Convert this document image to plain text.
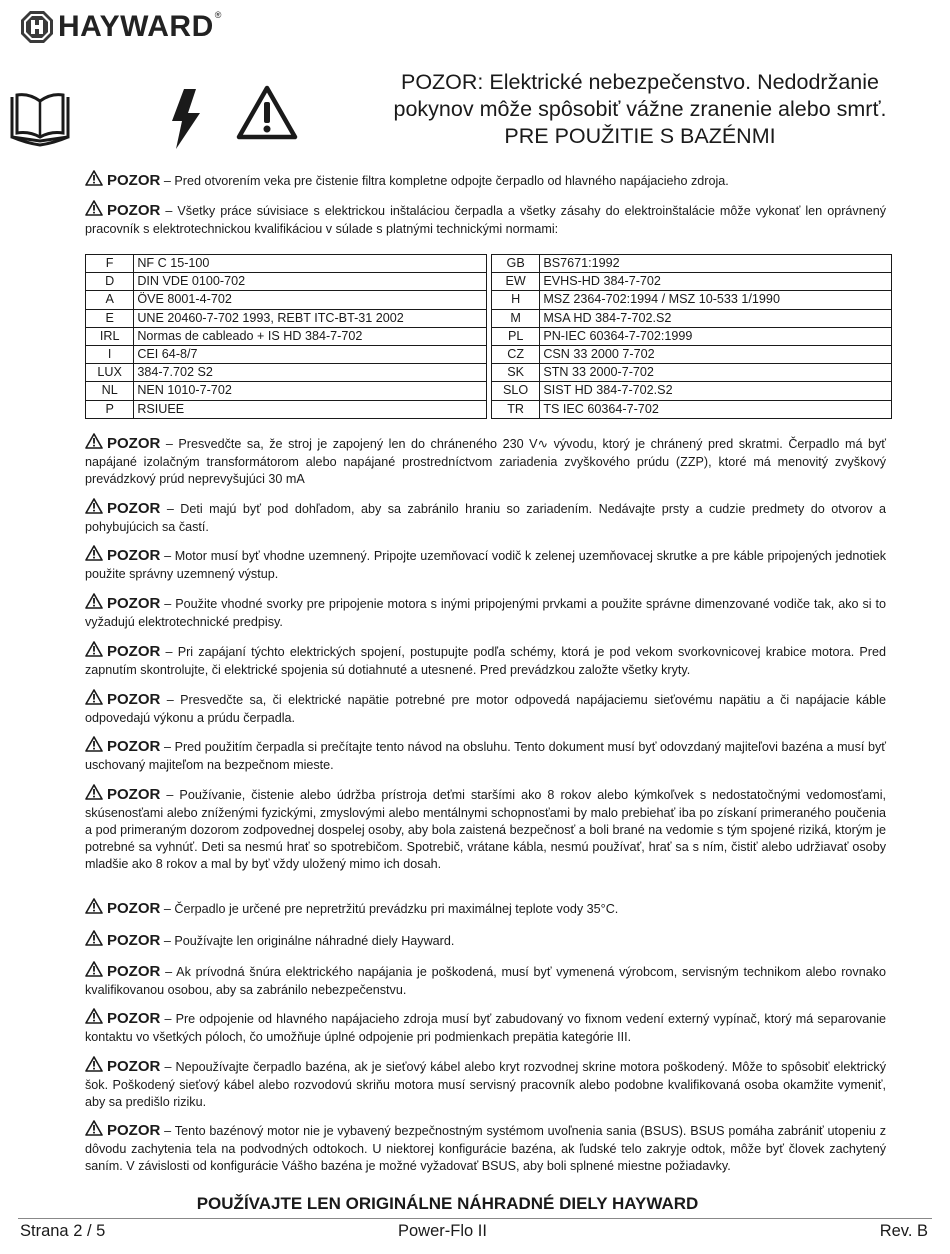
HAYWARD ®
POZOR: Elektrické nebezpečenstvo. Nedodržanie
pokynov môže spôsobiť vážne zranenie alebo smrť.
PRE POUŽITIE S BAZÉNMI

POZOR – Pred otvorením veka pre čistenie filtra kompletne odpojte čerpadlo od hlavného napájacieho zdroja.

POZOR – Všetky práce súvisiace s elektrickou inštaláciou čerpadla a všetky zásahy do elektroinštalácie môže vykonať len oprávnený pracovník s elektrotechnickou kvalifikáciou v súlade s platnými technickými normami:

POZOR – Presvedčte sa, že stroj je zapojený len do chráneného 230 V∿ vývodu, ktorý je chránený pred skratmi. Čerpadlo má byť napájané izolačným transformátorom alebo napájané prostredníctvom zariadenia zvyškového prúdu (ZZP), ktoré má menovitý zvyškový prevádzkový prúd neprevyšujúci 30 mA

POZOR – Deti majú byť pod dohľadom, aby sa zabránilo hraniu so zariadením. Nedávajte prsty a cudzie predmety do otvorov a pohybujúcich sa častí.

POZOR – Motor musí byť vhodne uzemnený. Pripojte uzemňovací vodič k zelenej uzemňovacej skrutke a pre káble pripojených jednotiek použite správny uzemnený výstup.

POZOR – Použite vhodné svorky pre pripojenie motora s inými pripojenými prvkami a použite správne dimenzované vodiče tak, ako si to vyžadujú elektrotechnické predpisy.

POZOR – Pri zapájaní týchto elektrických spojení, postupujte podľa schémy, ktorá je pod vekom svorkovnicovej krabice motora. Pred zapnutím skontrolujte, či elektrické spojenia sú dotiahnuté a utesnené. Pred prevádzkou založte všetky kryty.

POZOR – Presvedčte sa, či elektrické napätie potrebné pre motor odpovedá napájaciemu sieťovému napätiu a či napájacie káble odpovedajú výkonu a prúdu čerpadla.

POZOR – Pred použitím čerpadla si prečítajte tento návod na obsluhu. Tento dokument musí byť odovzdaný majiteľovi bazéna a musí byť uschovaný majiteľom na bezpečnom mieste.

POZOR – Používanie, čistenie alebo údržba prístroja deťmi staršími ako 8 rokov alebo kýmkoľvek s nedostatočnými vedomosťami, skúsenosťami alebo zníženými fyzickými, zmyslovými alebo mentálnymi schopnosťami by malo prebiehať iba po získaní primeraného poučenia a pod primeraným dozorom zodpovednej dospelej osoby, aby bola zaistená bezpečnosť a boli brané na vedomie s tým spojené riziká, ktorým je potrebné sa vyhnúť. Deti sa nesmú hrať so spotrebičom. Spotrebič, vrátane kábla, nesmú používať, hrať sa s ním, čistiť alebo udržiavať osoby mladšie ako 8 rokov a mal by byť vždy uložený mimo ich dosah.

POZOR – Čerpadlo je určené pre nepretržitú prevádzku pri maximálnej teplote vody 35°C.

POZOR – Používajte len originálne náhradné diely Hayward.

POZOR – Ak prívodná šnúra elektrického napájania je poškodená, musí byť vymenená výrobcom, servisným technikom alebo rovnako kvalifikovanou osobou, aby sa zabránilo nebezpečenstvu.

POZOR – Pre odpojenie od hlavného napájacieho zdroja musí byť zabudovaný vo fixnom vedení externý vypínač, ktorý má separovanie kontaktu vo všetkých póloch, čo umožňuje úplné odpojenie pri podmienkach prepätia kategórie III.

POZOR – Nepoužívajte čerpadlo bazéna, ak je sieťový kábel alebo kryt rozvodnej skrine motora poškodený. Môže to spôsobiť elektrický šok. Poškodený sieťový kábel alebo rozvodovú skriňu motora musí servisný pracovník alebo podobne kvalifikovaná osoba okamžite vymeniť, aby sa predišlo riziku.

POZOR – Tento bazénový motor nie je vybavený bezpečnostným systémom uvoľnenia sania (BSUS). BSUS pomáha zabrániť utopeniu z dôvodu zachytenia tela na podvodných odtokoch. U niektorej konfigurácie bazéna, ak ľudské telo zakryje odtok, môže byť človek zachytený saním. V závislosti od konfigurácie Vášho bazéna je možné vyžadovať BSUS, aby boli splnené miestne požiadavky.

F	NF C 15-100		GB	BS7671:1992
D	DIN VDE 0100-702		EW	EVHS-HD 384-7-702
A	ÖVE 8001-4-702		H	MSZ 2364-702:1994 / MSZ 10-533 1/1990
E	UNE 20460-7-702 1993, REBT ITC-BT-31 2002		M	MSA HD 384-7-702.S2
IRL	Normas de cableado + IS HD 384-7-702		PL	PN-IEC 60364-7-702:1999
I	CEI 64-8/7		CZ	CSN 33 2000 7-702
LUX	384-7.702 S2		SK	STN 33 2000-7-702
NL	NEN 1010-7-702		SLO	SIST HD 384-7-702.S2
P	RSIUEE		TR	TS IEC 60364-7-702
POUŽÍVAJTE LEN ORIGINÁLNE NÁHRADNÉ DIELY HAYWARD
Strana 2 / 5	Power-Flo II	Rev. B
